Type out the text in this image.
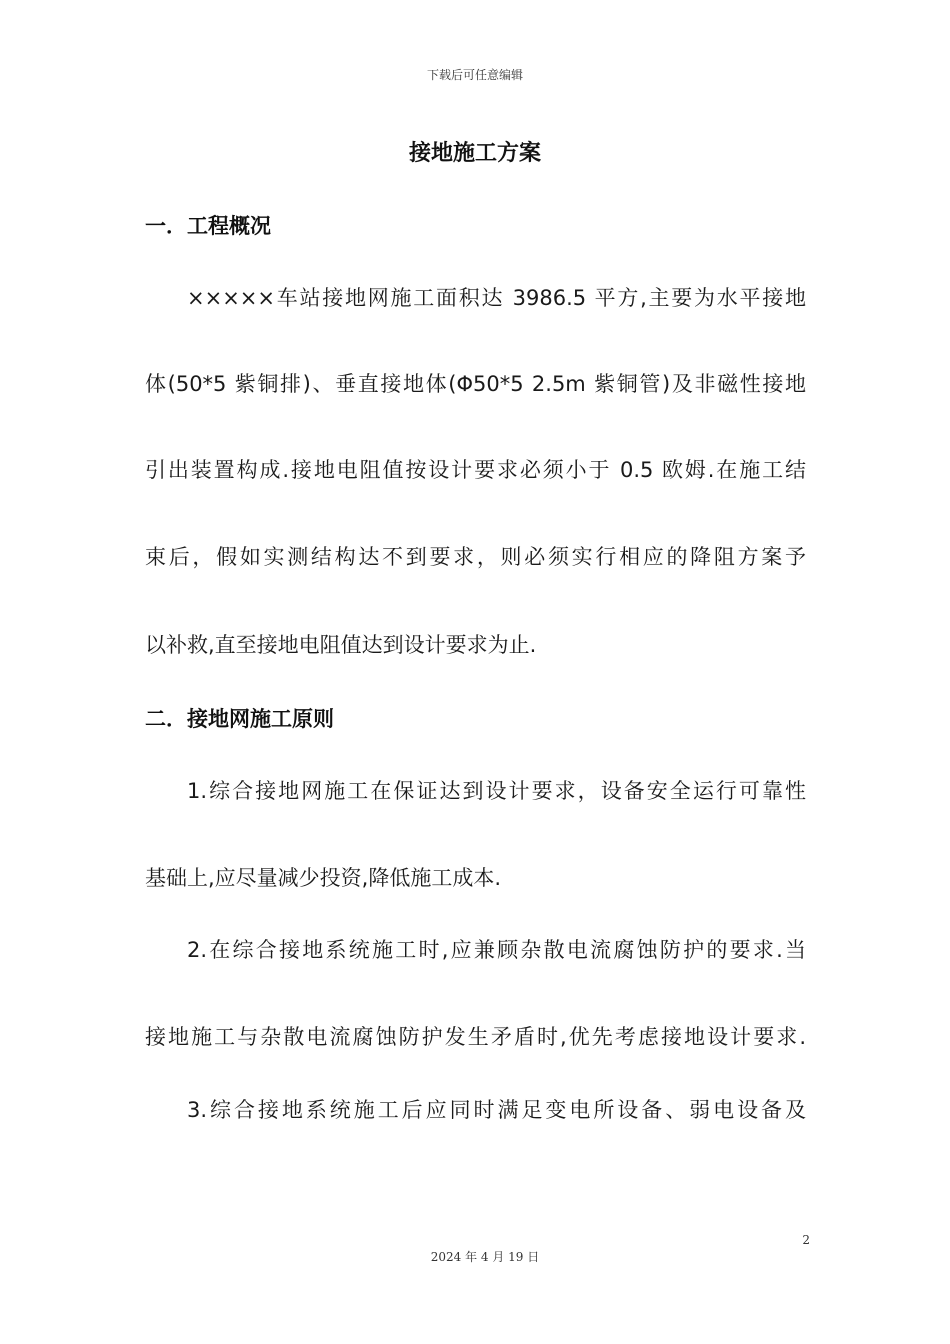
下载后可任意编辑
接地施工方案
一．工程概况
×××××车站接地网施工面积达 3986.5 平方,主要为水平接地
体(50*5 紫铜排)、垂直接地体(Φ50*5 2.5m 紫铜管)及非磁性接地
引出装置构成.接地电阻值按设计要求必须小于 0.5 欧姆.在施工结
束后，假如实测结构达不到要求，则必须实行相应的降阻方案予
以补救,直至接地电阻值达到设计要求为止.
二．接地网施工原则
1.综合接地网施工在保证达到设计要求，设备安全运行可靠性
基础上,应尽量减少投资,降低施工成本.
2.在综合接地系统施工时,应兼顾杂散电流腐蚀防护的要求.当
接地施工与杂散电流腐蚀防护发生矛盾时,优先考虑接地设计要求.
3.综合接地系统施工后应同时满足变电所设备、弱电设备及
2
2024 年 4 月 19 日
